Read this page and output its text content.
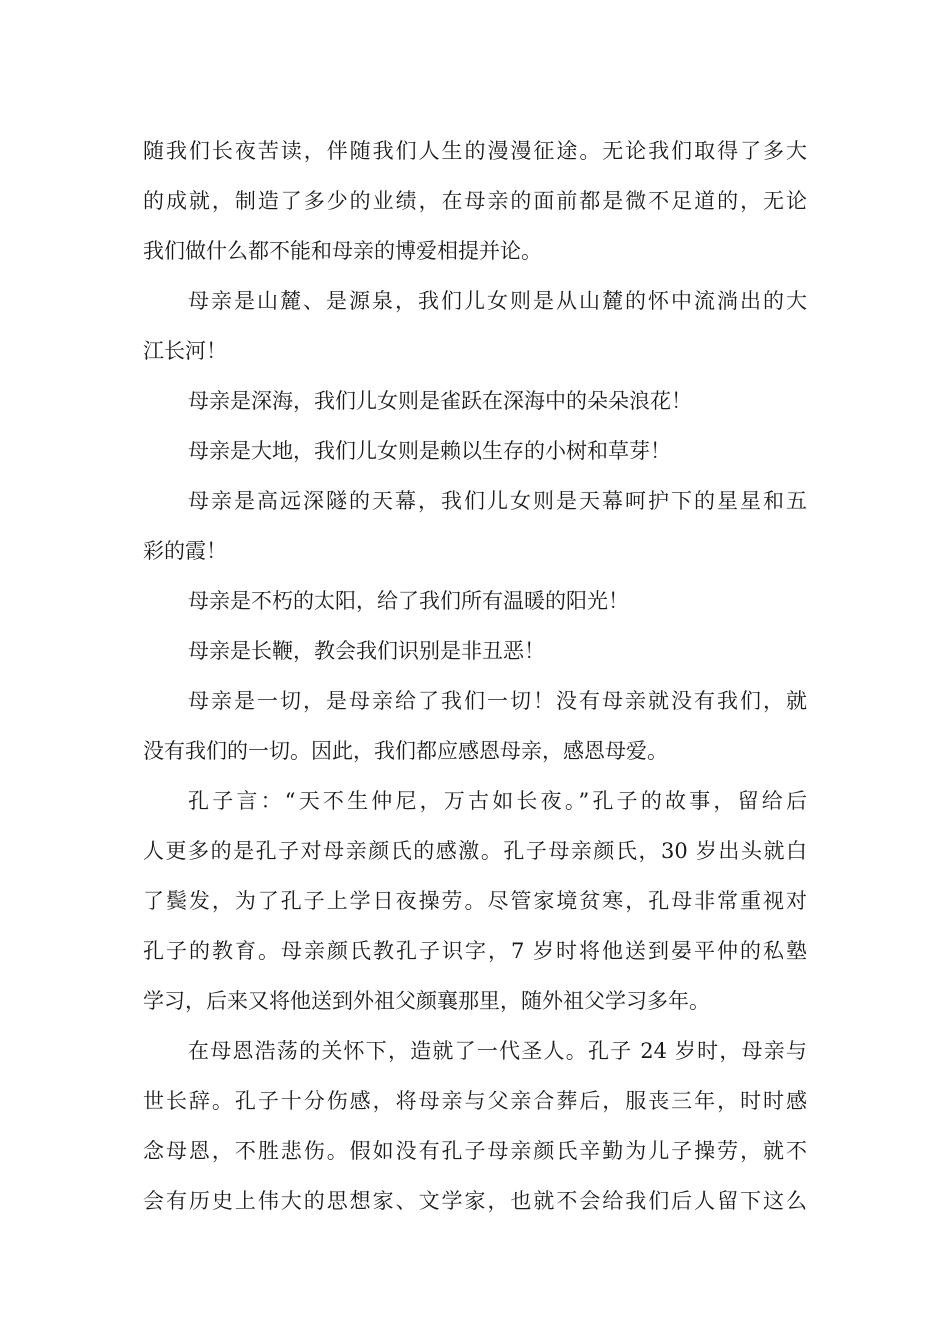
随我们长夜苦读，伴随我们人生的漫漫征途。无论我们取得了多大
的成就，制造了多少的业绩，在母亲的面前都是微不足道的，无论
我们做什么都不能和母亲的博爱相提并论。
母亲是山麓、是源泉，我们儿女则是从山麓的怀中流淌出的大
江长河！
母亲是深海，我们儿女则是雀跃在深海中的朵朵浪花！
母亲是大地，我们儿女则是赖以生存的小树和草芽！
母亲是高远深隧的天幕，我们儿女则是天幕呵护下的星星和五
彩的霞！
母亲是不朽的太阳，给了我们所有温暖的阳光！
母亲是长鞭，教会我们识别是非丑恶！
母亲是一切，是母亲给了我们一切！没有母亲就没有我们，就
没有我们的一切。因此，我们都应感恩母亲，感恩母爱。
孔子言：“天不生仲尼，万古如长夜。”孔子的故事，留给后
人更多的是孔子对母亲颜氏的感激。孔子母亲颜氏，30 岁出头就白
了鬓发，为了孔子上学日夜操劳。尽管家境贫寒，孔母非常重视对
孔子的教育。母亲颜氏教孔子识字，7 岁时将他送到晏平仲的私塾
学习，后来又将他送到外祖父颜襄那里，随外祖父学习多年。
在母恩浩荡的关怀下，造就了一代圣人。孔子 24 岁时，母亲与
世长辞。孔子十分伤感，将母亲与父亲合葬后，服丧三年，时时感
念母恩，不胜悲伤。假如没有孔子母亲颜氏辛勤为儿子操劳，就不
会有历史上伟大的思想家、文学家，也就不会给我们后人留下这么
